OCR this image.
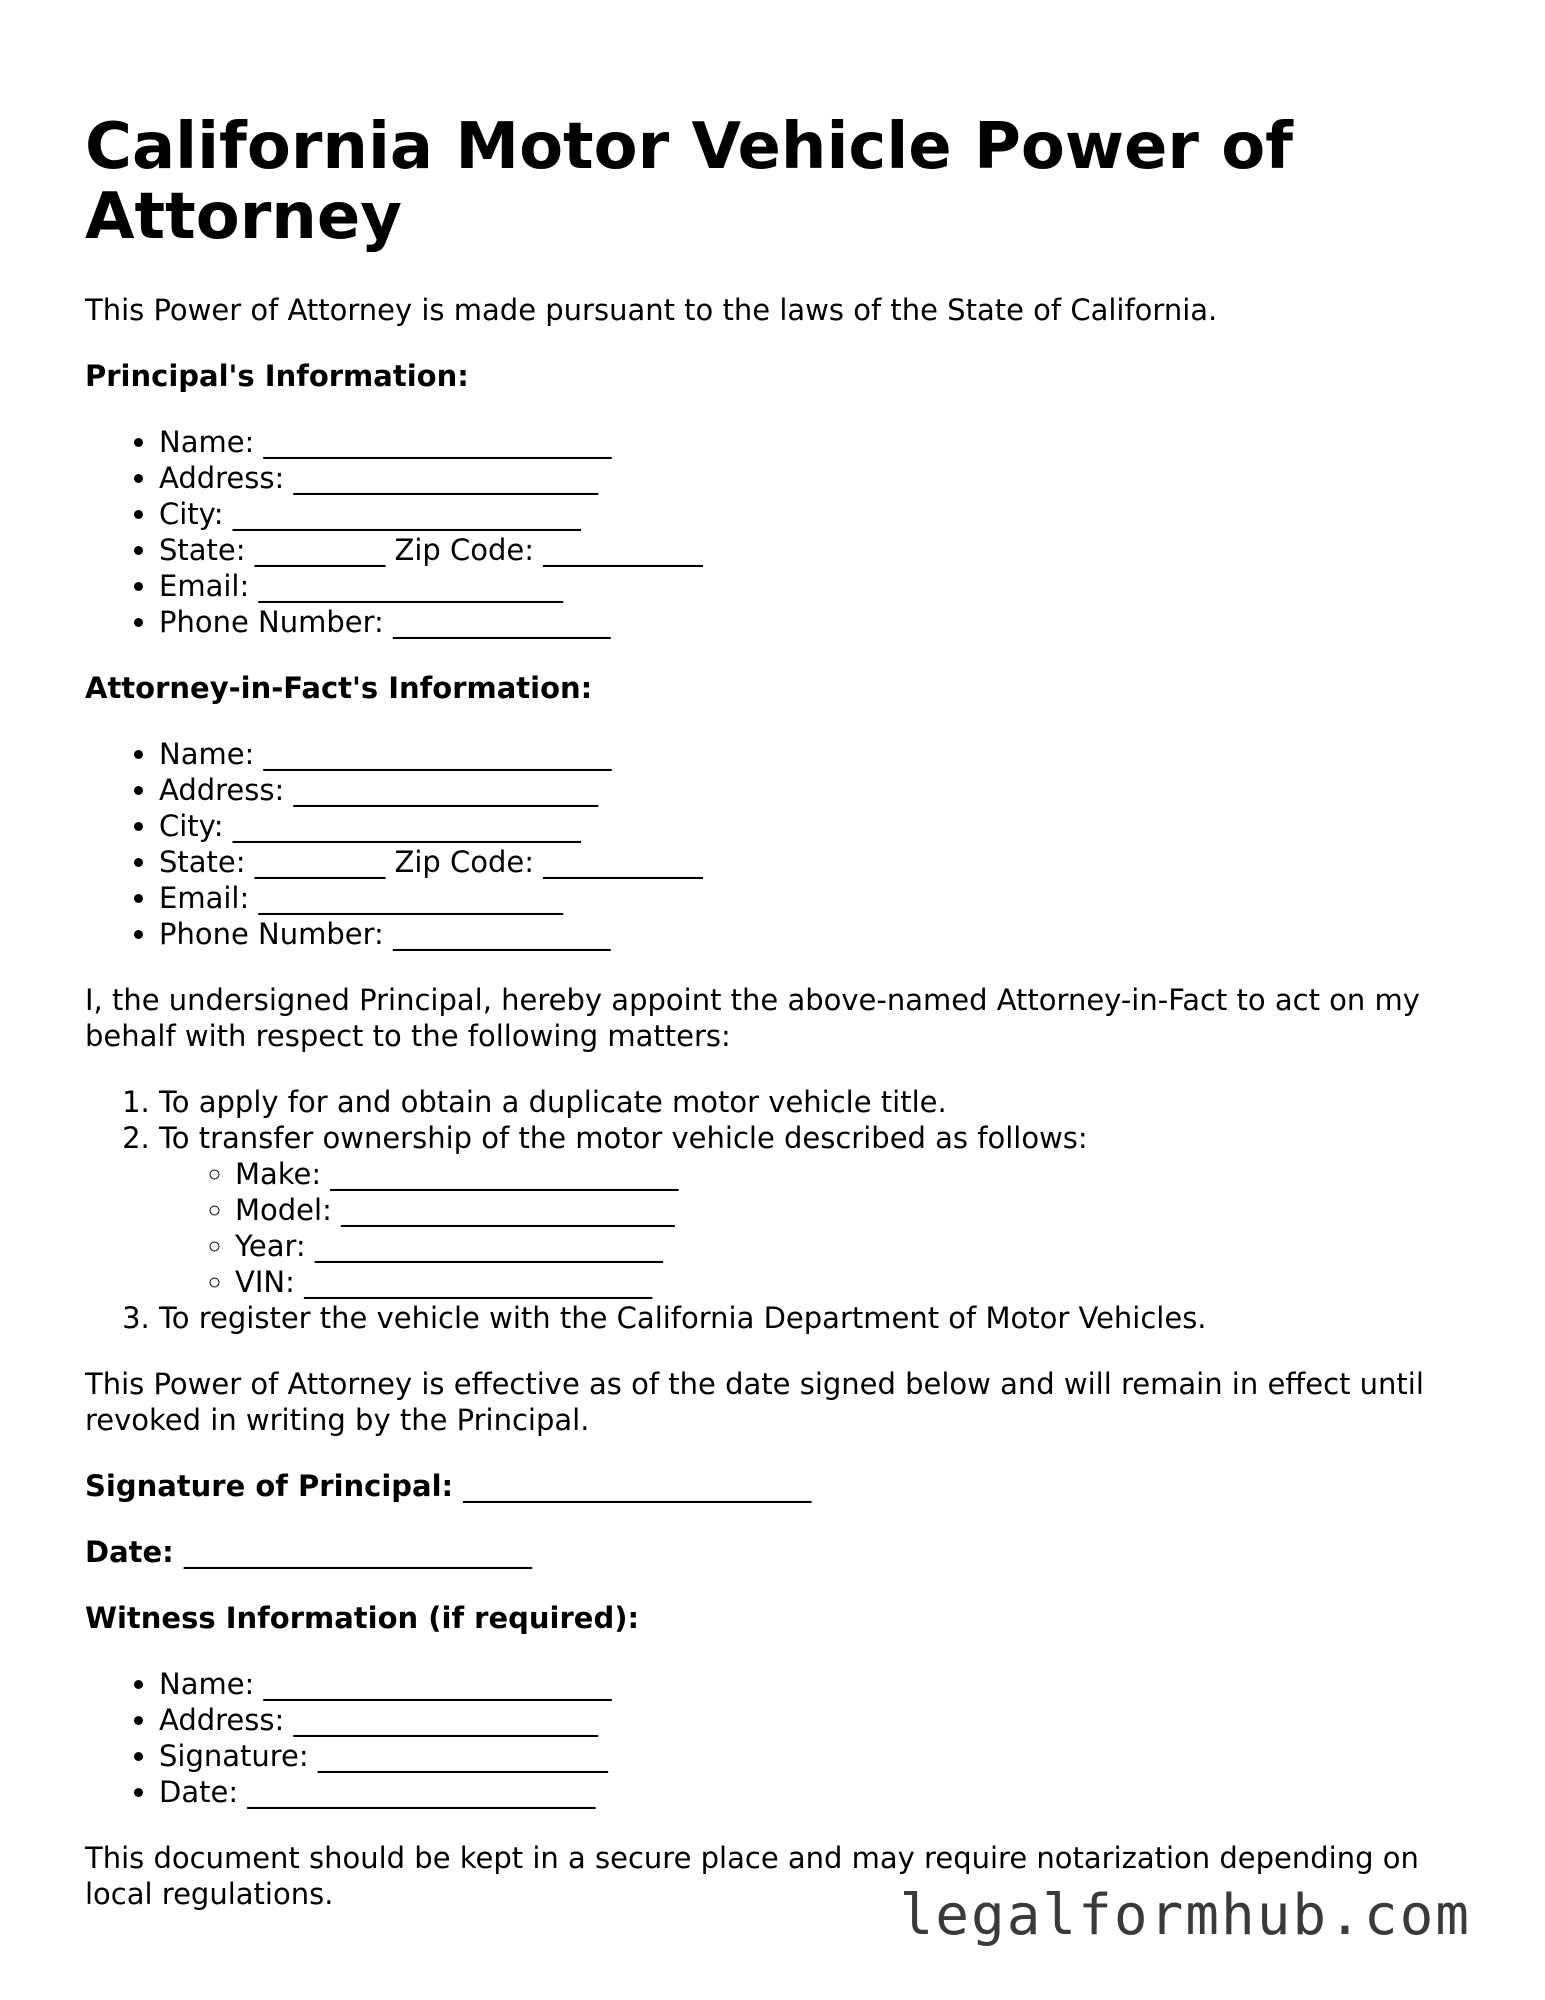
California Motor Vehicle Power of Attorney

This Power of Attorney is made pursuant to the laws of the State of California.

Principal's Information:

• Name: ________________________
• Address: _____________________
• City: ________________________
• State: _________ Zip Code: ___________
• Email: _____________________
• Phone Number: _______________

Attorney-in-Fact's Information:

• Name: ________________________
• Address: _____________________
• City: ________________________
• State: _________ Zip Code: ___________
• Email: _____________________
• Phone Number: _______________

I, the undersigned Principal, hereby appoint the above-named Attorney-in-Fact to act on my behalf with respect to the following matters:

1. To apply for and obtain a duplicate motor vehicle title.
2. To transfer ownership of the motor vehicle described as follows:
◦ Make: ________________________
◦ Model: _______________________
◦ Year: ________________________
◦ VIN: ________________________
3. To register the vehicle with the California Department of Motor Vehicles.

This Power of Attorney is effective as of the date signed below and will remain in effect until revoked in writing by the Principal.

Signature of Principal: ________________________

Date: ________________________

Witness Information (if required):

• Name: ________________________
• Address: _____________________
• Signature: ____________________
• Date: ________________________

This document should be kept in a secure place and may require notarization depending on local regulations.	legalformhub.com
